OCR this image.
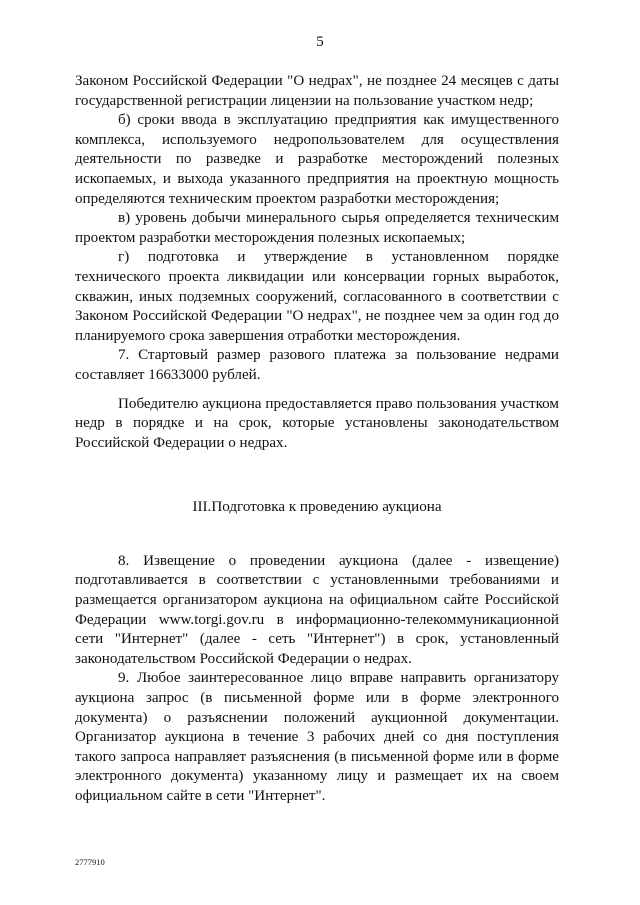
5

Законом Российской Федерации "О недрах", не позднее 24 месяцев с даты государственной регистрации лицензии на пользование участком недр;

б) сроки ввода в эксплуатацию предприятия как имущественного комплекса, используемого недропользователем для осуществления деятельности по разведке и разработке месторождений полезных ископаемых, и выхода указанного предприятия на проектную мощность определяются техническим проектом разработки месторождения;

в) уровень добычи минерального сырья определяется техническим проектом разработки месторождения полезных ископаемых;

г) подготовка и утверждение в установленном порядке технического проекта ликвидации или консервации горных выработок, скважин, иных подземных сооружений, согласованного в соответствии с Законом Российской Федерации "О недрах", не позднее чем за один год до планируемого срока завершения отработки месторождения.

7. Стартовый размер разового платежа за пользование недрами составляет 16633000 рублей.

Победителю аукциона предоставляется право пользования участком недр в порядке и на срок, которые установлены законодательством Российской Федерации о недрах.

III.Подготовка к проведению аукциона

8. Извещение о проведении аукциона (далее - извещение) подготавливается в соответствии с установленными требованиями и размещается организатором аукциона на официальном сайте Российской Федерации www.torgi.gov.ru в информационно-телекоммуникационной сети "Интернет" (далее - сеть "Интернет") в срок, установленный законодательством Российской Федерации о недрах.

9. Любое заинтересованное лицо вправе направить организатору аукциона запрос (в письменной форме или в форме электронного документа) о разъяснении положений аукционной документации. Организатор аукциона в течение 3 рабочих дней со дня поступления такого запроса направляет разъяснения (в письменной форме или в форме электронного документа) указанному лицу и размещает их на своем официальном сайте в сети "Интернет".

2777910
